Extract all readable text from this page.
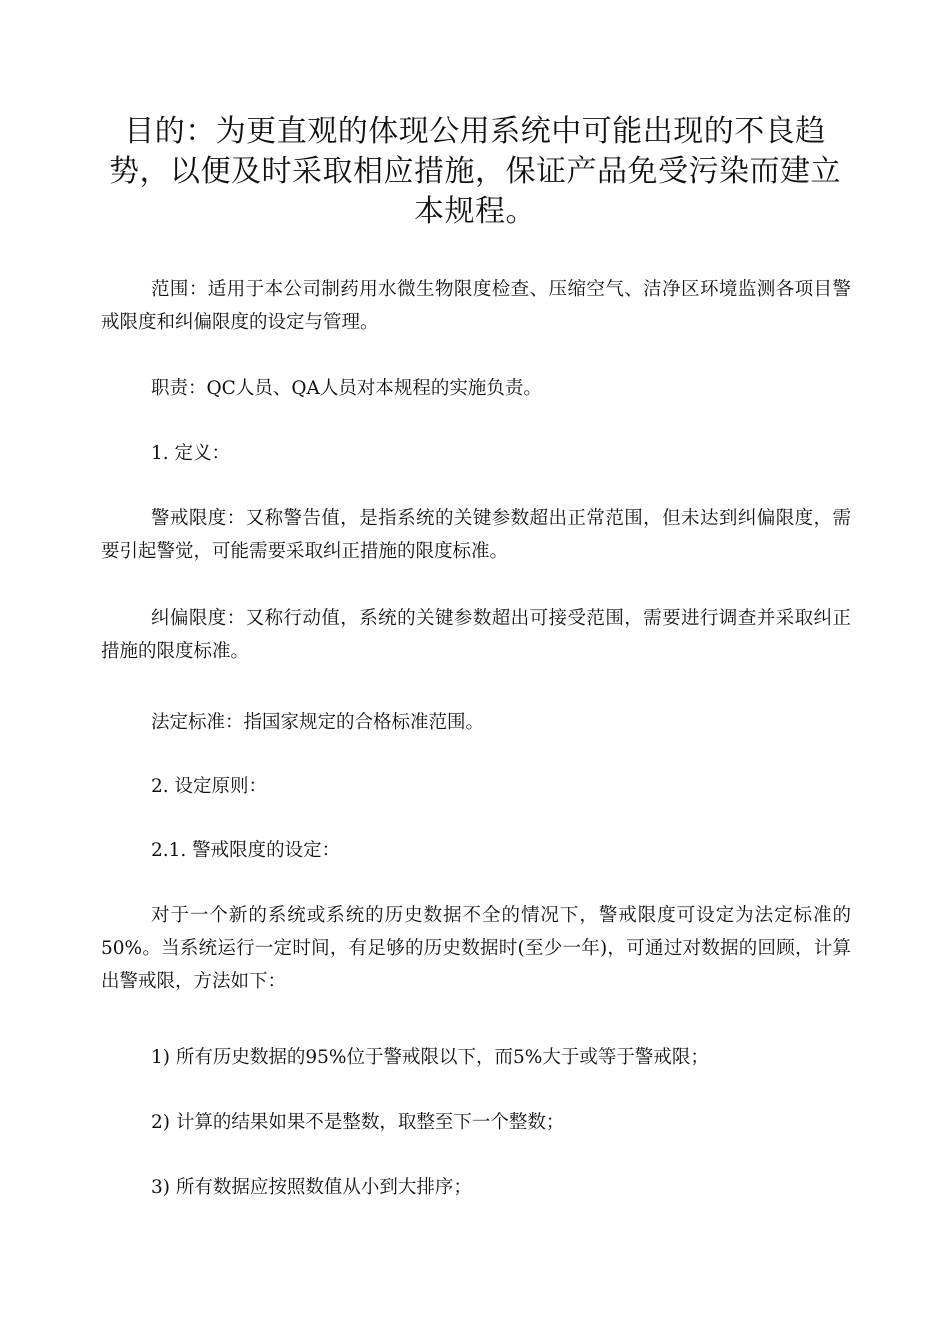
目的：为更直观的体现公用系统中可能出现的不良趋势，以便及时采取相应措施，保证产品免受污染而建立本规程。
范围：适用于本公司制药用水微生物限度检查、压缩空气、洁净区环境监测各项目警戒限度和纠偏限度的设定与管理。
职责：QC人员、QA人员对本规程的实施负责。
1. 定义：
警戒限度：又称警告值，是指系统的关键参数超出正常范围，但未达到纠偏限度，需要引起警觉，可能需要采取纠正措施的限度标准。
纠偏限度：又称行动值，系统的关键参数超出可接受范围，需要进行调查并采取纠正措施的限度标准。
法定标准：指国家规定的合格标准范围。
2. 设定原则：
2.1. 警戒限度的设定：
对于一个新的系统或系统的历史数据不全的情况下，警戒限度可设定为法定标准的50%。当系统运行一定时间，有足够的历史数据时(至少一年)，可通过对数据的回顾，计算出警戒限，方法如下：
1) 所有历史数据的95%位于警戒限以下，而5%大于或等于警戒限；
2) 计算的结果如果不是整数，取整至下一个整数；
3) 所有数据应按照数值从小到大排序；
